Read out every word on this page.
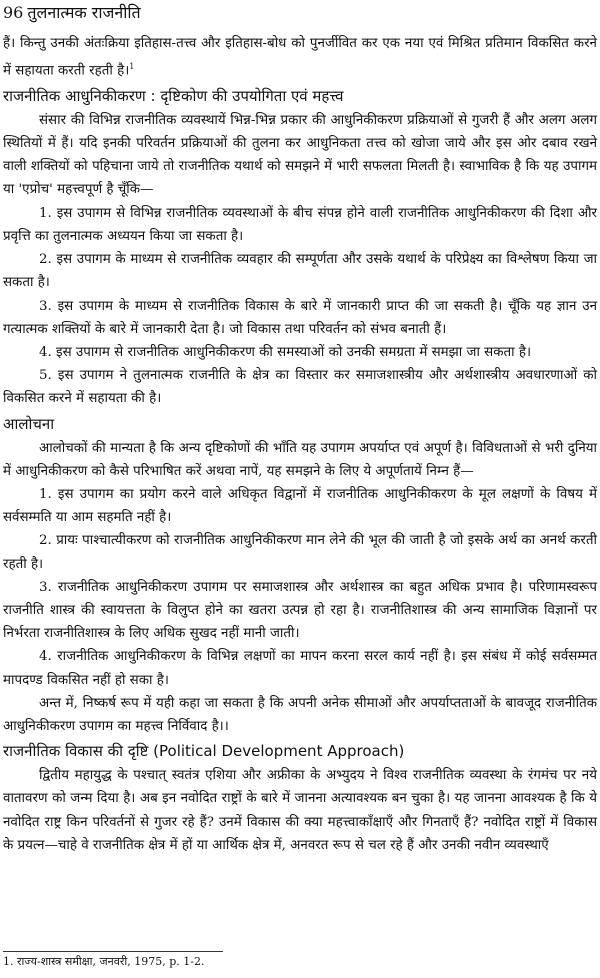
96 तुलनात्मक राजनीति

हैं। किन्तु उनकी अंतःक्रिया इतिहास-तत्त्व और इतिहास-बोध को पुनर्जीवित कर एक नया एवं मिश्रित प्रतिमान विकसित करने में सहायता करती रहती है।$^1$

राजनीतिक आधुनिकीकरण : दृष्टिकोण की उपयोगिता एवं महत्त्व

संसार की विभिन्न राजनीतिक व्यवस्थायें भिन्न-भिन्न प्रकार की आधुनिकीकरण प्रक्रियाओं से गुजरी हैं और अलग अलग स्थितियों में हैं। यदि इनकी परिवर्तन प्रक्रियाओं की तुलना कर आधुनिकता तत्त्व को खोजा जाये और इस ओर दबाव रखने वाली शक्तियों को पहिचाना जाये तो राजनीतिक यथार्थ को समझने में भारी सफलता मिलती है। स्वाभाविक है कि यह उपागम या 'एप्रोच' महत्त्वपूर्ण है चूँकि—

1. इस उपागम से विभिन्न राजनीतिक व्यवस्थाओं के बीच संपन्न होने वाली राजनीतिक आधुनिकीकरण की दिशा और प्रवृत्ति का तुलनात्मक अध्ययन किया जा सकता है।

2. इस उपागम के माध्यम से राजनीतिक व्यवहार की सम्पूर्णता और उसके यथार्थ के परिप्रेक्ष्य का विश्लेषण किया जा सकता है।

3. इस उपागम के माध्यम से राजनीतिक विकास के बारे में जानकारी प्राप्त की जा सकती है। चूँकि यह ज्ञान उन गत्यात्मक शक्तियों के बारे में जानकारी देता है। जो विकास तथा परिवर्तन को संभव बनाती हैं।

4. इस उपागम से राजनीतिक आधुनिकीकरण की समस्याओं को उनकी समग्रता में समझा जा सकता है।

5. इस उपागम ने तुलनात्मक राजनीति के क्षेत्र का विस्तार कर समाजशास्त्रीय और अर्थशास्त्रीय अवधारणाओं को विकसित करने में सहायता की है।

आलोचना

आलोचकों की मान्यता है कि अन्य दृष्टिकोणों की भाँति यह उपागम अपर्याप्त एवं अपूर्ण है। विविधताओं से भरी दुनिया में आधुनिकीकरण को कैसे परिभाषित करें अथवा नापें, यह समझने के लिए ये अपूर्णतायें निम्न हैं—

1. इस उपागम का प्रयोग करने वाले अधिकृत विद्वानों में राजनीतिक आधुनिकीकरण के मूल लक्षणों के विषय में सर्वसम्मति या आम सहमति नहीं है।

2. प्रायः पाश्चात्यीकरण को राजनीतिक आधुनिकीकरण मान लेने की भूल की जाती है जो इसके अर्थ का अनर्थ करती रहती है।

3. राजनीतिक आधुनिकीकरण उपागम पर समाजशास्त्र और अर्थशास्त्र का बहुत अधिक प्रभाव है। परिणामस्वरूप राजनीति शास्त्र की स्वायत्तता के विलुप्त होने का खतरा उत्पन्न हो रहा है। राजनीतिशास्त्र की अन्य सामाजिक विज्ञानों पर निर्भरता राजनीतिशास्त्र के लिए अधिक सुखद नहीं मानी जाती।

4. राजनीतिक आधुनिकीकरण के विभिन्न लक्षणों का मापन करना सरल कार्य नहीं है। इस संबंध में कोई सर्वसम्मत मापदण्ड विकसित नहीं हो सका है।

अन्त में, निष्कर्ष रूप में यही कहा जा सकता है कि अपनी अनेक सीमाओं और अपर्याप्तताओं के बावजूद राजनीतिक आधुनिकीकरण उपागम का महत्त्व निर्विवाद है।।

राजनीतिक विकास की दृष्टि (Political Development Approach)

द्वितीय महायुद्ध के पश्चात् स्वतंत्र एशिया और अफ्रीका के अभ्युदय ने विश्व राजनीतिक व्यवस्था के रंगमंच पर नये वातावरण को जन्म दिया है। अब इन नवोदित राष्ट्रों के बारे में जानना अत्यावश्यक बन चुका है। यह जानना आवश्यक है कि ये नवोदित राष्ट्र किन परिवर्तनों से गुजर रहे हैं? उनमें विकास की क्या महत्त्वाकाँक्षाएँ और गिनताएँ हैं? नवोदित राष्ट्रों में विकास के प्रयत्न—चाहे वे राजनीतिक क्षेत्र में हों या आर्थिक क्षेत्र में, अनवरत रूप से चल रहे हैं और उनकी नवीन व्यवस्थाएँ

1. राज्य-शास्त्र समीक्षा, जनवरी, 1975, p. 1-2.
